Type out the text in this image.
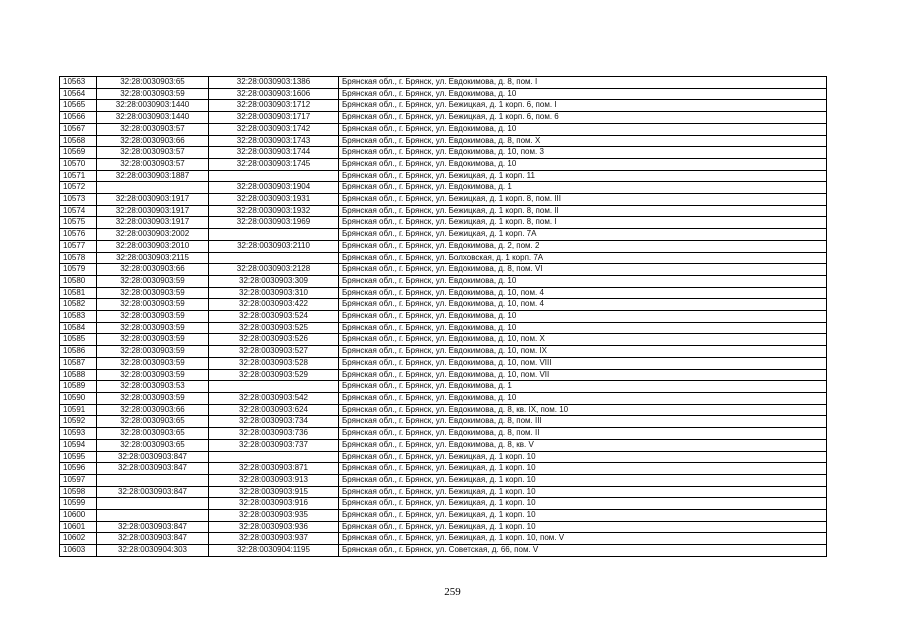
10563	32:28:0030903:65	32:28:0030903:1386	Брянская обл., г. Брянск, ул. Евдокимова, д. 8, пом. I
10564	32:28:0030903:59	32:28:0030903:1606	Брянская обл., г. Брянск, ул. Евдокимова, д. 10
10565	32:28:0030903:1440	32:28:0030903:1712	Брянская обл., г. Брянск, ул. Бежицкая, д. 1 корп. 6, пом. I
10566	32:28:0030903:1440	32:28:0030903:1717	Брянская обл., г. Брянск, ул. Бежицкая, д. 1 корп. 6, пом. 6
10567	32:28:0030903:57	32:28:0030903:1742	Брянская обл., г. Брянск, ул. Евдокимова, д. 10
10568	32:28:0030903:66	32:28:0030903:1743	Брянская обл., г. Брянск, ул. Евдокимова, д. 8, пом. X
10569	32:28:0030903:57	32:28:0030903:1744	Брянская обл., г. Брянск, ул. Евдокимова, д. 10, пом. 3
10570	32:28:0030903:57	32:28:0030903:1745	Брянская обл., г. Брянск, ул. Евдокимова, д. 10
10571	32:28:0030903:1887		Брянская обл., г. Брянск, ул. Бежицкая, д. 1 корп. 11
10572		32:28:0030903:1904	Брянская обл., г. Брянск, ул. Евдокимова, д. 1
10573	32:28:0030903:1917	32:28:0030903:1931	Брянская обл., г. Брянск, ул. Бежицкая, д. 1 корп. 8, пом. III
10574	32:28:0030903:1917	32:28:0030903:1932	Брянская обл., г. Брянск, ул. Бежицкая, д. 1 корп. 8, пом. II
10575	32:28:0030903:1917	32:28:0030903:1969	Брянская обл., г. Брянск, ул. Бежицкая, д. 1 корп. 8, пом. I
10576	32:28:0030903:2002		Брянская обл., г. Брянск, ул. Бежицкая, д. 1 корп. 7А
10577	32:28:0030903:2010	32:28:0030903:2110	Брянская обл., г. Брянск, ул. Евдокимова, д. 2, пом. 2
10578	32:28:0030903:2115		Брянская обл., г. Брянск, ул. Болховская, д. 1 корп. 7А
10579	32:28:0030903:66	32:28:0030903:2128	Брянская обл., г. Брянск, ул. Евдокимова, д. 8, пом. VI
10580	32:28:0030903:59	32:28:0030903:309	Брянская обл., г. Брянск, ул. Евдокимова, д. 10
10581	32:28:0030903:59	32:28:0030903:310	Брянская обл., г. Брянск, ул. Евдокимова, д. 10, пом. 4
10582	32:28:0030903:59	32:28:0030903:422	Брянская обл., г. Брянск, ул. Евдокимова, д. 10, пом. 4
10583	32:28:0030903:59	32:28:0030903:524	Брянская обл., г. Брянск, ул. Евдокимова, д. 10
10584	32:28:0030903:59	32:28:0030903:525	Брянская обл., г. Брянск, ул. Евдокимова, д. 10
10585	32:28:0030903:59	32:28:0030903:526	Брянская обл., г. Брянск, ул. Евдокимова, д. 10, пом. X
10586	32:28:0030903:59	32:28:0030903:527	Брянская обл., г. Брянск, ул. Евдокимова, д. 10, пом. IX
10587	32:28:0030903:59	32:28:0030903:528	Брянская обл., г. Брянск, ул. Евдокимова, д. 10, пом. VIII
10588	32:28:0030903:59	32:28:0030903:529	Брянская обл., г. Брянск, ул. Евдокимова, д. 10, пом. VII
10589	32:28:0030903:53		Брянская обл., г. Брянск, ул. Евдокимова, д. 1
10590	32:28:0030903:59	32:28:0030903:542	Брянская обл., г. Брянск, ул. Евдокимова, д. 10
10591	32:28:0030903:66	32:28:0030903:624	Брянская обл., г. Брянск, ул. Евдокимова, д. 8, кв. IX, пом. 10
10592	32:28:0030903:65	32:28:0030903:734	Брянская обл., г. Брянск, ул. Евдокимова, д. 8, пом. III
10593	32:28:0030903:65	32:28:0030903:736	Брянская обл., г. Брянск, ул. Евдокимова, д. 8, пом. II
10594	32:28:0030903:65	32:28:0030903:737	Брянская обл., г. Брянск, ул. Евдокимова, д. 8, кв. V
10595	32:28:0030903:847		Брянская обл., г. Брянск, ул. Бежицкая, д. 1 корп. 10
10596	32:28:0030903:847	32:28:0030903:871	Брянская обл., г. Брянск, ул. Бежицкая, д. 1 корп. 10
10597		32:28:0030903:913	Брянская обл., г. Брянск, ул. Бежицкая, д. 1 корп. 10
10598	32:28:0030903:847	32:28:0030903:915	Брянская обл., г. Брянск, ул. Бежицкая, д. 1 корп. 10
10599		32:28:0030903:916	Брянская обл., г. Брянск, ул. Бежицкая, д. 1 корп. 10
10600		32:28:0030903:935	Брянская обл., г. Брянск, ул. Бежицкая, д. 1 корп. 10
10601	32:28:0030903:847	32:28:0030903:936	Брянская обл., г. Брянск, ул. Бежицкая, д. 1 корп. 10
10602	32:28:0030903:847	32:28:0030903:937	Брянская обл., г. Брянск, ул. Бежицкая, д. 1 корп. 10, пом. V
10603	32:28:0030904:303	32:28:0030904:1195	Брянская обл., г. Брянск, ул. Советская, д. 66, пом. V
259
